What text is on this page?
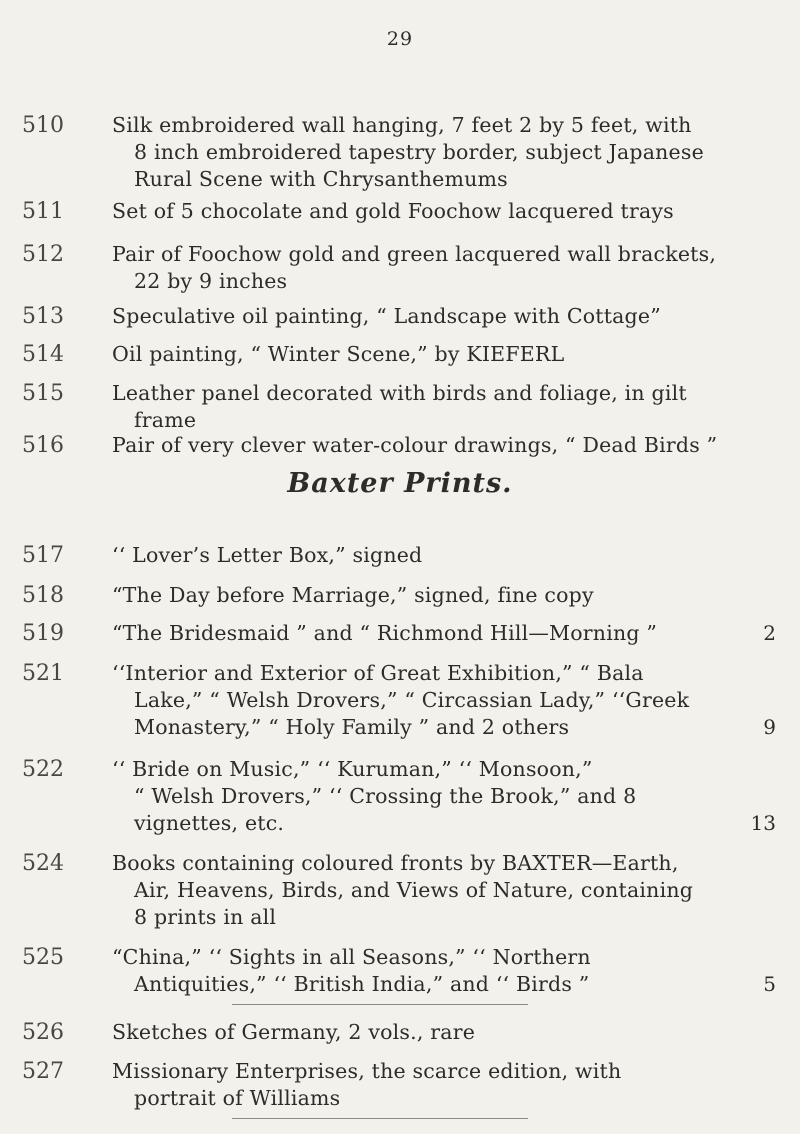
29
510	Silk embroidered wall hanging, 7 feet 2 by 5 feet, with
8 inch embroidered tapestry border, subject Japanese
Rural Scene with Chrysanthemums
511	Set of 5 chocolate and gold Foochow lacquered trays
512	Pair of Foochow gold and green lacquered wall brackets,
22 by 9 inches
513	Speculative oil painting, “ Landscape with Cottage”
514	Oil painting, “ Winter Scene,” by KIEFERL
515	Leather panel decorated with birds and foliage, in gilt
frame
516	Pair of very clever water-colour drawings, “ Dead Birds ”
Baxter Prints.
517	‘‘ Lover’s Letter Box,” signed
518	“The Day before Marriage,” signed, fine copy
519	“The Bridesmaid ” and “ Richmond Hill—Morning ”	2
521	‘‘Interior and Exterior of Great Exhibition,” “ Bala
Lake,” “ Welsh Drovers,” “ Circassian Lady,” ‘‘Greek
Monastery,” “ Holy Family ” and 2 others	9
522	‘‘ Bride on Music,” ‘‘ Kuruman,” ‘‘ Monsoon,”
“ Welsh Drovers,” ‘‘ Crossing the Brook,” and 8
vignettes, etc.	13
524	Books containing coloured fronts by BAXTER—Earth,
Air, Heavens, Birds, and Views of Nature, containing
8 prints in all
525	“China,” ‘‘ Sights in all Seasons,” ‘‘ Northern
Antiquities,” ‘‘ British India,” and ‘‘ Birds ”	5
526	Sketches of Germany, 2 vols., rare
527	Missionary Enterprises, the scarce edition, with
portrait of Williams
